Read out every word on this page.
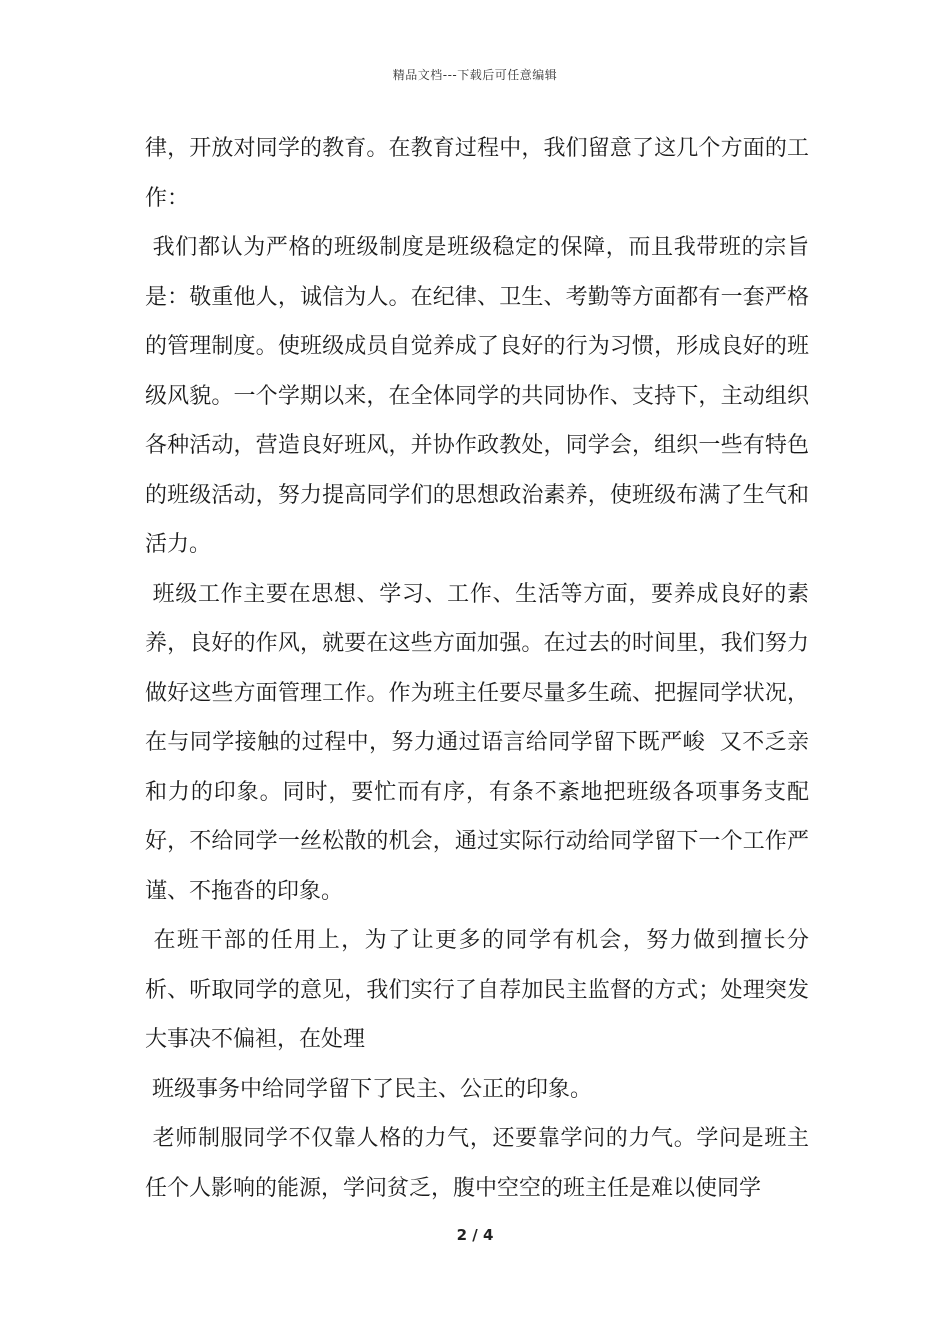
精品文档---下载后可任意编辑

律，开放对同学的教育。在教育过程中，我们留意了这几个方面的工作：

我们都认为严格的班级制度是班级稳定的保障，而且我带班的宗旨是：敬重他人，诚信为人。在纪律、卫生、考勤等方面都有一套严格的管理制度。使班级成员自觉养成了良好的行为习惯，形成良好的班级风貌。一个学期以来，在全体同学的共同协作、支持下，主动组织各种活动，营造良好班风，并协作政教处，同学会，组织一些有特色的班级活动，努力提高同学们的思想政治素养，使班级布满了生气和活力。

班级工作主要在思想、学习、工作、生活等方面，要养成良好的素养，良好的作风，就要在这些方面加强。在过去的时间里，我们努力做好这些方面管理工作。作为班主任要尽量多生疏、把握同学状况，在与同学接触的过程中，努力通过语言给同学留下既严峻  又不乏亲和力的印象。同时，要忙而有序，有条不紊地把班级各项事务支配好，不给同学一丝松散的机会，通过实际行动给同学留下一个工作严谨、不拖沓的印象。

在班干部的任用上，为了让更多的同学有机会，努力做到擅长分析、听取同学的意见，我们实行了自荐加民主监督的方式；处理突发大事决不偏袒，在处理

班级事务中给同学留下了民主、公正的印象。

老师制服同学不仅靠人格的力气，还要靠学问的力气。学问是班主任个人影响的能源，学问贫乏，腹中空空的班主任是难以使同学

2 / 4
